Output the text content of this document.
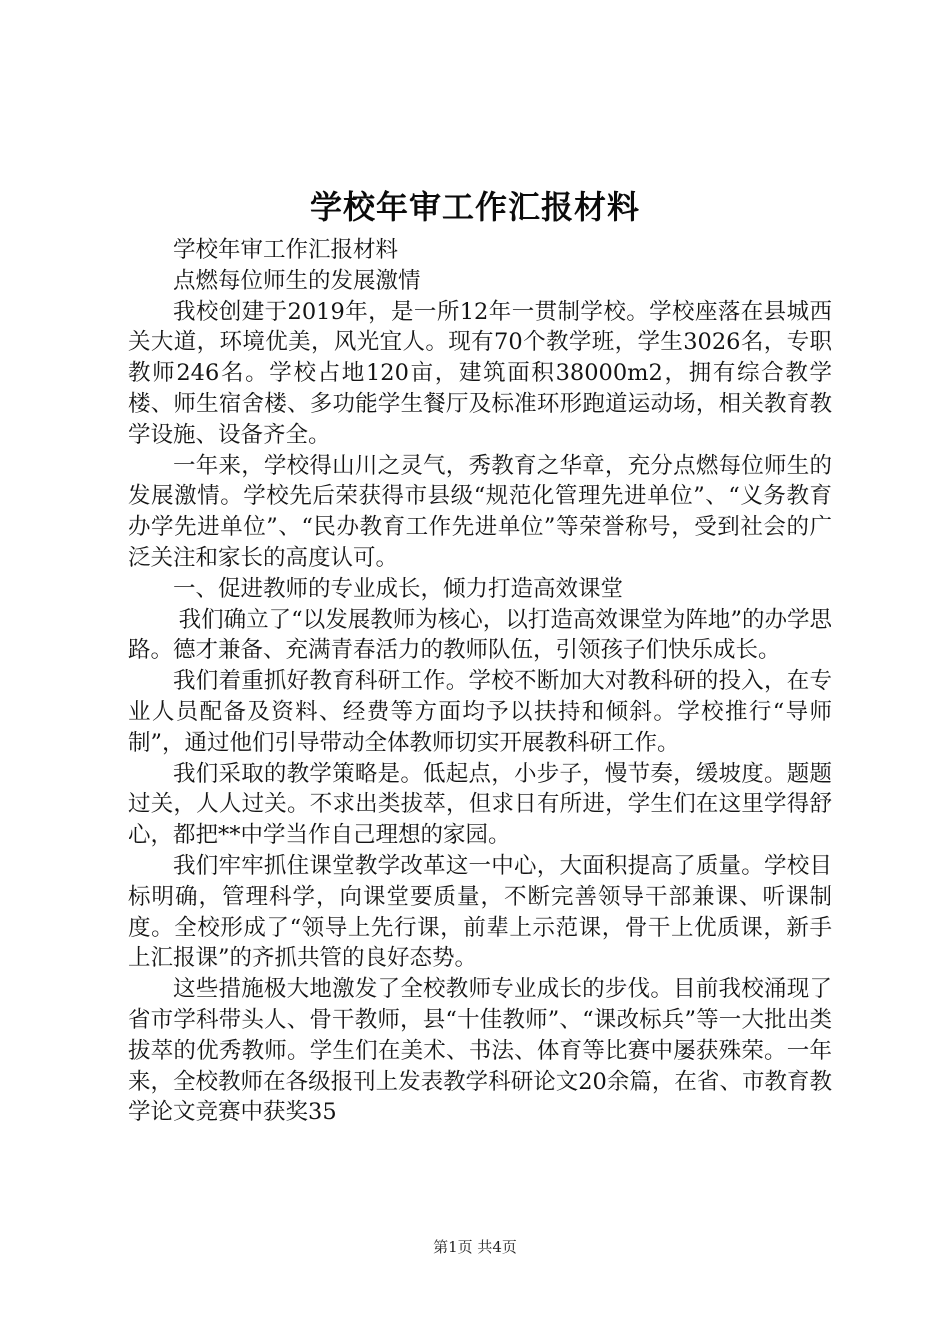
学校年审工作汇报材料

学校年审工作汇报材料

点燃每位师生的发展激情

我校创建于2019年，是一所12年一贯制学校。学校座落在县城西关大道，环境优美，风光宜人。现有70个教学班，学生3026名，专职教师246名。学校占地120亩，建筑面积38000m2，拥有综合教学楼、师生宿舍楼、多功能学生餐厅及标准环形跑道运动场，相关教育教学设施、设备齐全。

一年来，学校得山川之灵气，秀教育之华章，充分点燃每位师生的发展激情。学校先后荣获得市县级“规范化管理先进单位”、“义务教育办学先进单位”、“民办教育工作先进单位”等荣誉称号，受到社会的广泛关注和家长的高度认可。

一、促进教师的专业成长，倾力打造高效课堂

我们确立了“以发展教师为核心，以打造高效课堂为阵地”的办学思路。德才兼备、充满青春活力的教师队伍，引领孩子们快乐成长。

我们着重抓好教育科研工作。学校不断加大对教科研的投入，在专业人员配备及资料、经费等方面均予以扶持和倾斜。学校推行“导师制”，通过他们引导带动全体教师切实开展教科研工作。

我们采取的教学策略是。低起点，小步子，慢节奏，缓坡度。题题过关，人人过关。不求出类拔萃，但求日有所进，学生们在这里学得舒心，都把**中学当作自己理想的家园。

我们牢牢抓住课堂教学改革这一中心，大面积提高了质量。学校目标明确，管理科学，向课堂要质量，不断完善领导干部兼课、听课制度。全校形成了“领导上先行课，前辈上示范课，骨干上优质课，新手上汇报课”的齐抓共管的良好态势。

这些措施极大地激发了全校教师专业成长的步伐。目前我校涌现了省市学科带头人、骨干教师，县“十佳教师”、“课改标兵”等一大批出类拔萃的优秀教师。学生们在美术、书法、体育等比赛中屡获殊荣。一年来，全校教师在各级报刊上发表教学科研论文20余篇，在省、市教育教学论文竞赛中获奖35

第1页 共4页
